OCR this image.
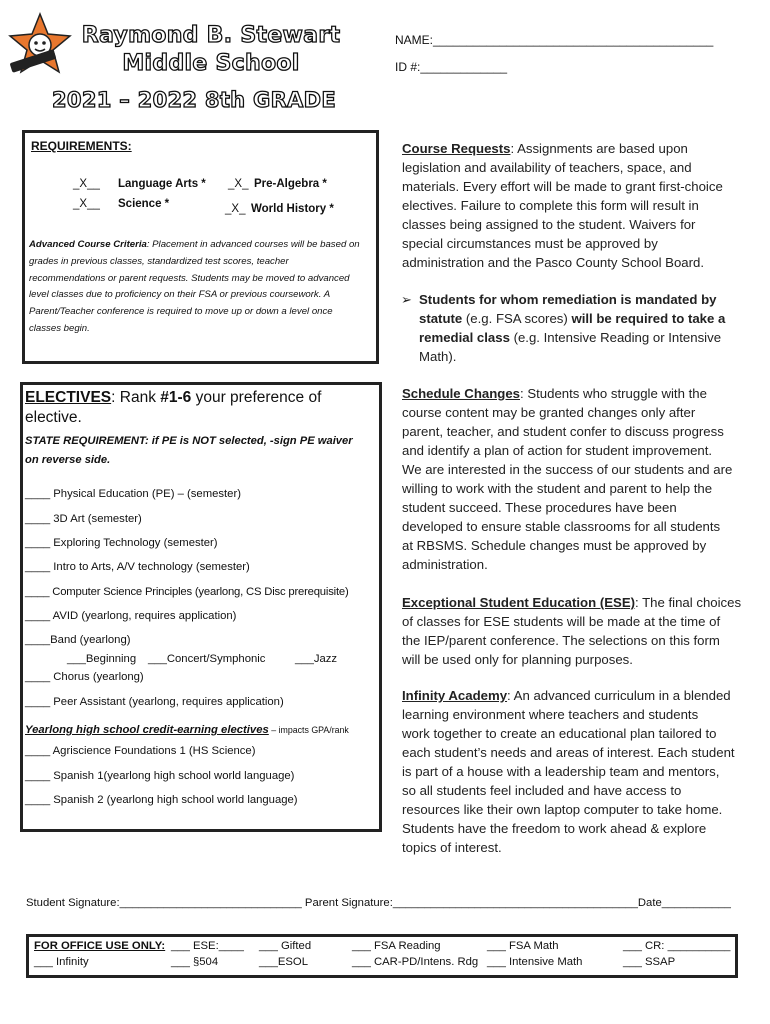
Raymond B. Stewart
Middle School
2021 – 2022 8th GRADE
NAME:__________________________________________
ID #:_____________
REQUIREMENTS:
_X__ Language Arts *
_X__ Science *
_X_ Pre-Algebra *
_X_ World History *
Advanced Course Criteria: Placement in advanced courses will be based on
grades in previous classes, standardized test scores, teacher
recommendations or parent requests. Students may be moved to advanced
level classes due to proficiency on their FSA or previous coursework. A
Parent/Teacher conference is required to move up or down a level once
classes begin.
ELECTIVES: Rank #1-6 your preference of
elective.
STATE REQUIREMENT: if PE is NOT selected, -sign PE waiver
on reverse side.
____ Physical Education (PE) – (semester)
____ 3D Art (semester)
____ Exploring Technology (semester)
____ Intro to Arts, A/V technology (semester)
____ Computer Science Principles (yearlong, CS Disc prerequisite)
____ AVID (yearlong, requires application)
____Band (yearlong)
___Beginning ___Concert/Symphonic	___Jazz
____ Chorus (yearlong)
____ Peer Assistant (yearlong, requires application)
Yearlong high school credit-earning electives – impacts GPA/rank
____ Agriscience Foundations 1 (HS Science)
____ Spanish 1(yearlong high school world language)
____ Spanish 2 (yearlong high school world language)
Course Requests: Assignments are based upon
legislation and availability of teachers, space, and
materials. Every effort will be made to grant first-choice
electives. Failure to complete this form will result in
classes being assigned to the student. Waivers for
special circumstances must be approved by
administration and the Pasco County School Board.
➢ Students for whom remediation is mandated by
statute (e.g. FSA scores) will be required to take a
remedial class (e.g. Intensive Reading or Intensive
Math).
Schedule Changes: Students who struggle with the
course content may be granted changes only after
parent, teacher, and student confer to discuss progress
and identify a plan of action for student improvement.
We are interested in the success of our students and are
willing to work with the student and parent to help the
student succeed. These procedures have been
developed to ensure stable classrooms for all students
at RBSMS. Schedule changes must be approved by
administration.
Exceptional Student Education (ESE): The final choices
of classes for ESE students will be made at the time of
the IEP/parent conference. The selections on this form
will be used only for planning purposes.
Infinity Academy: An advanced curriculum in a blended
learning environment where teachers and students
work together to create an educational plan tailored to
each student’s needs and areas of interest. Each student
is part of a house with a leadership team and mentors,
so all students feel included and have access to
resources like their own laptop computer to take home.
Students have the freedom to work ahead & explore
topics of interest.
Student Signature:_____________________________ Parent Signature:_______________________________________Date___________
FOR OFFICE USE ONLY:
___ Infinity
___ ESE:____
___ §504
___ Gifted
___ESOL
___ FSA Reading
___ CAR-PD/Intens. Rdg
___ FSA Math
___ Intensive Math
___ CR: __________
___ SSAP
